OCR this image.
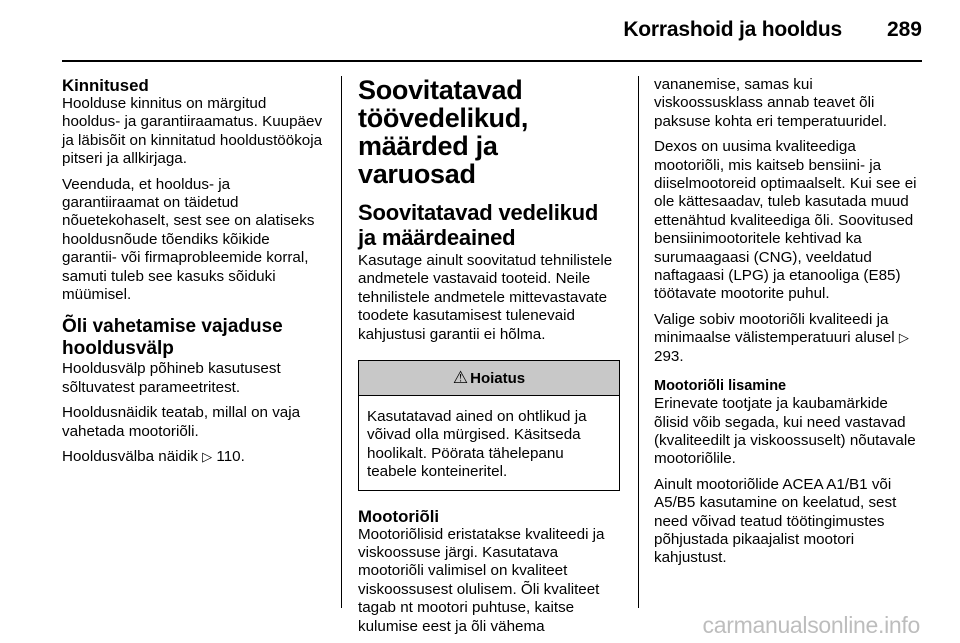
Korrashoid ja hooldus 289
Kinnitused

Hoolduse kinnitus on märgitud hooldus- ja garantiiraamatus. Kuupäev ja läbisõit on kinnitatud hooldustöökoja pitseri ja allkirjaga.

Veenduda, et hooldus- ja garantiiraamat on täidetud nõuetekohaselt, sest see on alatiseks hooldusnõude tõendiks kõikide garantii- või firmaprobleemide korral, samuti tuleb see kasuks sõiduki müümisel.

Õli vahetamise vajaduse hooldusvälp

Hooldusvälp põhineb kasutusest sõltuvatest parameetritest.

Hooldusnäidik teatab, millal on vaja vahetada mootoriõli.

Hooldusvälba näidik ▷ 110.

Soovitatavad töövedelikud, määrded ja varuosad
Soovitatavad vedelikud ja määrdeained

Kasutage ainult soovitatud tehnilistele andmetele vastavaid tooteid. Neile tehnilistele andmetele mittevastavate toodete kasutamisest tulenevaid kahjustusi garantii ei hõlma.

⚠ Hoiatus

Kasutatavad ained on ohtlikud ja võivad olla mürgised. Käsitseda hoolikalt. Pöörata tähelepanu teabele konteineritel.

Mootoriõli

Mootoriõlisid eristatakse kvaliteedi ja viskoossuse järgi. Kasutatava mootoriõli valimisel on kvaliteet viskoossusest olulisem. Õli kvaliteet tagab nt mootori puhtuse, kaitse kulumise eest ja õli vähema

vananemise, samas kui viskoossusklass annab teavet õli paksuse kohta eri temperatuuridel.

Dexos on uusima kvaliteediga mootoriõli, mis kaitseb bensiini- ja diiselmootoreid optimaalselt. Kui see ei ole kättesaadav, tuleb kasutada muud ettenähtud kvaliteediga õli. Soovitused bensiinimootoritele kehtivad ka surumaagaasi (CNG), veeldatud naftagaasi (LPG) ja etanooliga (E85) töötavate mootorite puhul.

Valige sobiv mootoriõli kvaliteedi ja minimaalse välistemperatuuri alusel ▷ 293.

Mootoriõli lisamine

Erinevate tootjate ja kaubamärkide õlisid võib segada, kui need vastavad (kvaliteedilt ja viskoossuselt) nõutavale mootoriõlile.

Ainult mootoriõlide ACEA A1/B1 või A5/B5 kasutamine on keelatud, sest need võivad teatud töötingimustes põhjustada pikaajalist mootori kahjustust.

carmanualsonline.info
